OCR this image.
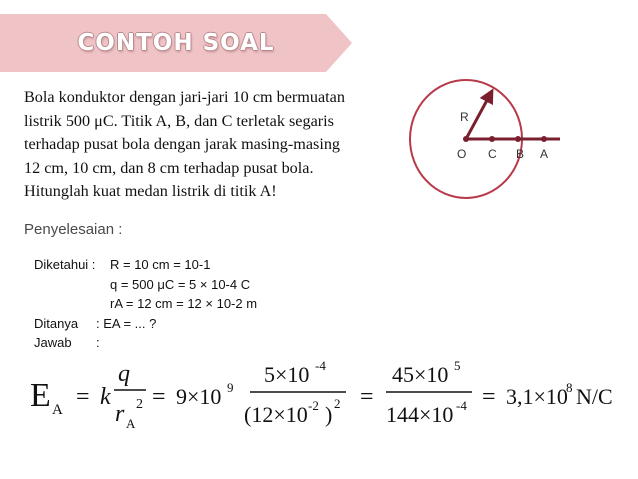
CONTOH SOAL
Bola konduktor dengan jari-jari 10 cm bermuatan
listrik 500 μC. Titik A, B, dan C terletak segaris
terhadap pusat bola dengan jarak masing-masing
12 cm, 10 cm, dan 8 cm terhadap pusat bola.
Hitunglah kuat medan listrik di titik A!
R
O C B A
Penyelesaian :
Diketahui : R = 10 cm = 10-1
q = 500 μC = 5 × 10-4 C
rA = 12 cm = 12 × 10-2 m
Ditanya : EA = ... ?
Jawab :
E A = k
q
r A
2 = 9×10 9
5×10 -4
(12×10 -2 ) 2 =
45×10 5
144×10 -4 = 3,1×10
8 N/C
